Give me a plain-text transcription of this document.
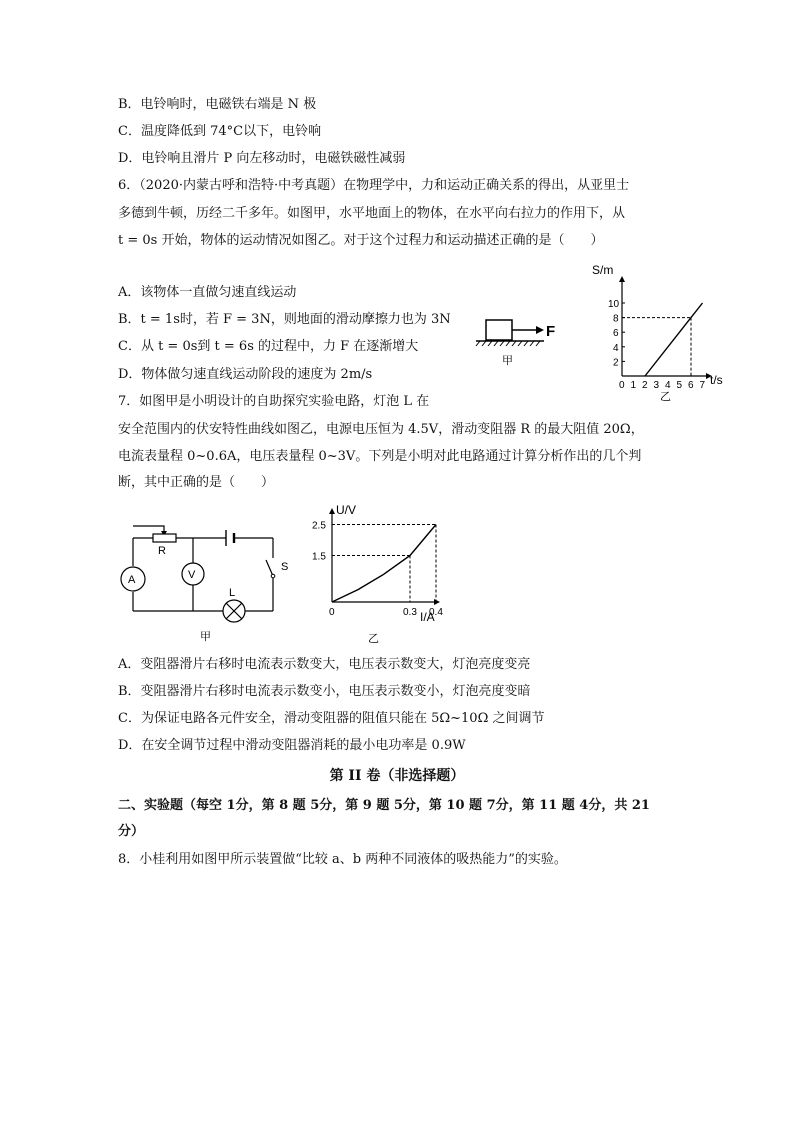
B．电铃响时，电磁铁右端是 N 极
C．温度降低到 74°C以下，电铃响
D．电铃响且滑片 P 向左移动时，电磁铁磁性减弱
6．（2020·内蒙古呼和浩特·中考真题）在物理学中，力和运动正确关系的得出，从亚里士
多德到牛顿，历经二千多年。如图甲，水平地面上的物体，在水平向右拉力的作用下，从
t = 0s 开始，物体的运动情况如图乙。对于这个过程力和运动描述正确的是（　　）
A．该物体一直做匀速直线运动
B．t = 1s时，若 F = 3N，则地面的滑动摩擦力也为 3N
C．从 t = 0s到 t = 6s 的过程中，力 F 在逐渐增大
D．物体做匀速直线运动阶段的速度为 2m/s
F
甲
0 1 2 3 4 5 6 7
2
4
6
8
10
S/m
t/s
乙
7．如图甲是小明设计的自助探究实验电路，灯泡 L 在
安全范围内的伏安特性曲线如图乙，电源电压恒为 4.5V，滑动变阻器 R 的最大阻值 20Ω，
电流表量程 0~0.6A，电压表量程 0~3V。下列是小明对此电路通过计算分析作出的几个判
断，其中正确的是（　　）
R
A	V
L
S
甲
0	0.3 0.4
1.5
2.5
U/V
I/A
乙
A．变阻器滑片右移时电流表示数变大，电压表示数变大，灯泡亮度变亮
B．变阻器滑片右移时电流表示数变小，电压表示数变小，灯泡亮度变暗
C．为保证电路各元件安全，滑动变阻器的阻值只能在 5Ω~10Ω 之间调节
D．在安全调节过程中滑动变阻器消耗的最小电功率是 0.9W
第 II 卷（非选择题）
二、实验题（每空 1分，第 8 题 5分，第 9 题 5分，第 10 题 7分，第 11 题 4分，共 21
分）
8．小桂利用如图甲所示装置做“比较 a、b 两种不同液体的吸热能力”的实验。
